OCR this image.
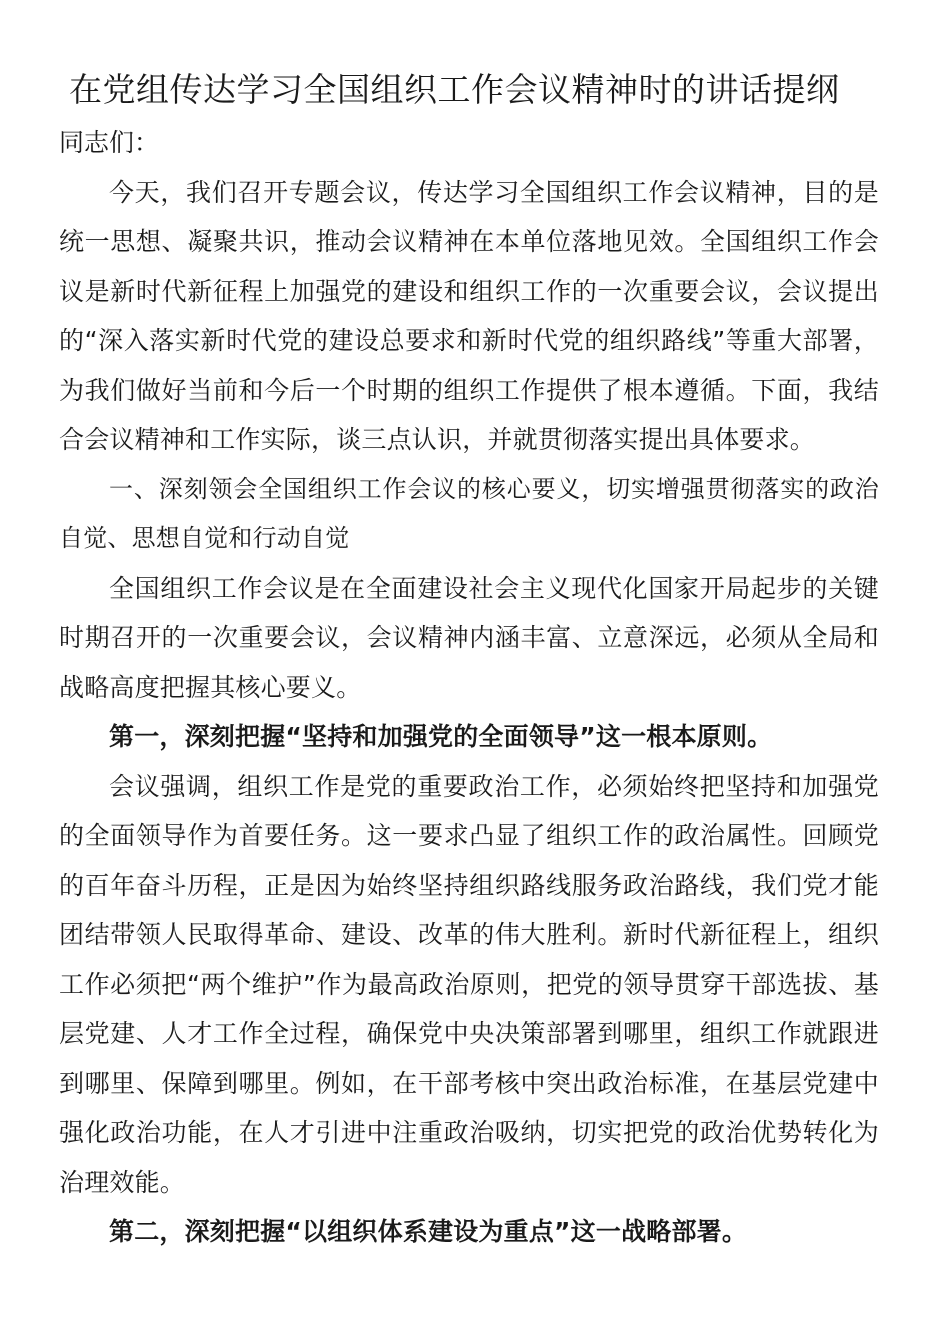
在党组传达学习全国组织工作会议精神时的讲话提纲

同志们：

今天，我们召开专题会议，传达学习全国组织工作会议精神，目的是统一思想、凝聚共识，推动会议精神在本单位落地见效。全国组织工作会议是新时代新征程上加强党的建设和组织工作的一次重要会议，会议提出的“深入落实新时代党的建设总要求和新时代党的组织路线”等重大部署，为我们做好当前和今后一个时期的组织工作提供了根本遵循。下面，我结合会议精神和工作实际，谈三点认识，并就贯彻落实提出具体要求。

一、深刻领会全国组织工作会议的核心要义，切实增强贯彻落实的政治自觉、思想自觉和行动自觉

全国组织工作会议是在全面建设社会主义现代化国家开局起步的关键时期召开的一次重要会议，会议精神内涵丰富、立意深远，必须从全局和战略高度把握其核心要义。

第一，深刻把握“坚持和加强党的全面领导”这一根本原则。

会议强调，组织工作是党的重要政治工作，必须始终把坚持和加强党的全面领导作为首要任务。这一要求凸显了组织工作的政治属性。回顾党的百年奋斗历程，正是因为始终坚持组织路线服务政治路线，我们党才能团结带领人民取得革命、建设、改革的伟大胜利。新时代新征程上，组织工作必须把“两个维护”作为最高政治原则，把党的领导贯穿干部选拔、基层党建、人才工作全过程，确保党中央决策部署到哪里，组织工作就跟进到哪里、保障到哪里。例如，在干部考核中突出政治标准，在基层党建中强化政治功能，在人才引进中注重政治吸纳，切实把党的政治优势转化为治理效能。

第二，深刻把握“以组织体系建设为重点”这一战略部署。
